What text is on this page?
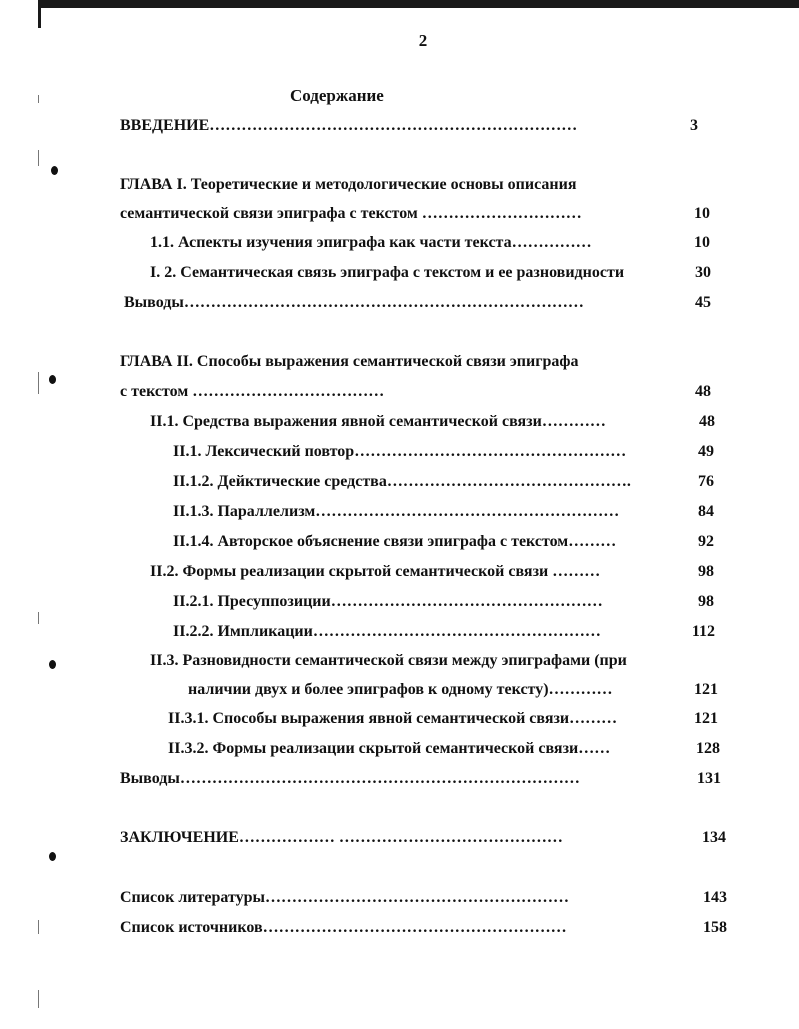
2
Содержание
ВВЕДЕНИЕ……………………………………………………………	3
ГЛАВА I. Теоретические и методологические основы описания
семантической связи эпиграфа с текстом …………………………	10
1.1. Аспекты изучения эпиграфа как части текста……………	10
I. 2. Семантическая связь эпиграфа с текстом и ее разновидности	30
Выводы…………………………………………………………………	45
ГЛАВА II. Способы выражения семантической связи эпиграфа
с текстом ………………………………	48
II.1. Средства выражения явной семантической связи…………	48
II.1. Лексический повтор……………………………………………	49
II.1.2. Дейктические средства……………………………………….	76
II.1.3. Параллелизм…………………………………………………	84
II.1.4. Авторское объяснение связи эпиграфа с текстом………	92
II.2. Формы реализации скрытой семантической связи ………	98
II.2.1. Пресуппозиции……………………………………………	98
II.2.2. Импликации………………………………………………	112
II.3. Разновидности семантической связи между эпиграфами (при
наличии двух и более эпиграфов к одному тексту)…………	121
II.3.1. Способы выражения явной семантической связи………	121
II.3.2. Формы реализации скрытой семантической связи……	128
Выводы…………………………………………………………………	131
ЗАКЛЮЧЕНИЕ……………… ……………………………………	134
Список литературы…………………………………………………	143
Список источников…………………………………………………	158
